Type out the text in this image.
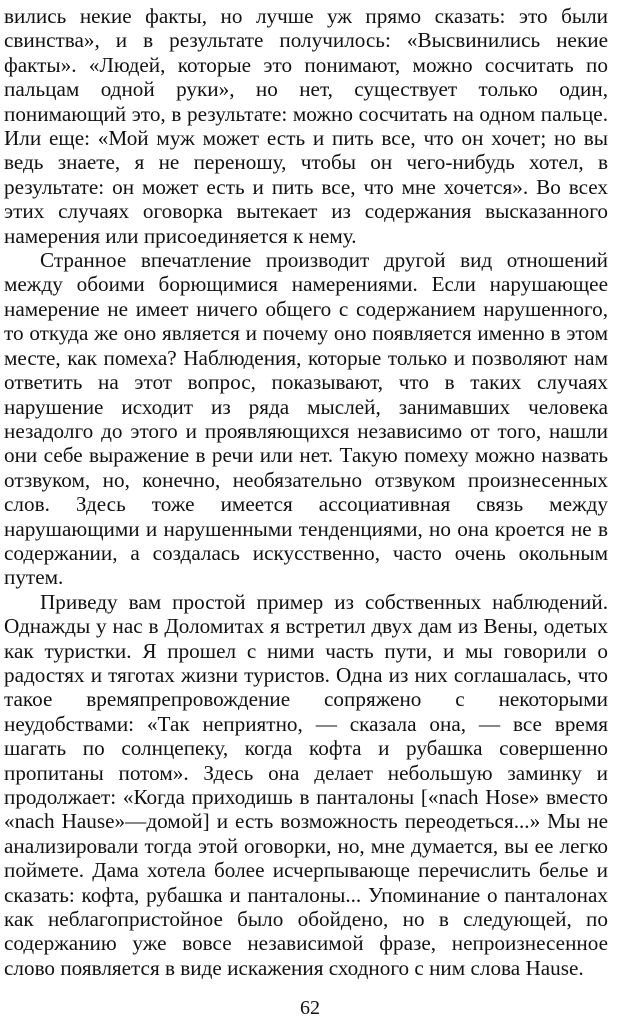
вились некие факты, но лучше уж прямо сказать: это были свинства», и в результате получилось: «Высвинились некие факты». «Людей, которые это понимают, можно сосчитать по пальцам одной руки», но нет, существует только один, понимающий это, в результате: можно сосчитать на одном пальце. Или еще: «Мой муж может есть и пить все, что он хочет; но вы ведь знаете, я не переношу, чтобы он чего-нибудь хотел, в результате: он может есть и пить все, что мне хочется». Во всех этих случаях оговорка вытекает из содержания высказанного намерения или присоединяется к нему.

Странное впечатление производит другой вид отношений между обоими борющимися намерениями. Если нарушающее намерение не имеет ничего общего с содержанием нарушенного, то откуда же оно является и почему оно появляется именно в этом месте, как помеха? Наблюдения, которые только и позволяют нам ответить на этот вопрос, показывают, что в таких случаях нарушение исходит из ряда мыслей, занимавших человека незадолго до этого и проявляющихся независимо от того, нашли они себе выражение в речи или нет. Такую помеху можно назвать отзвуком, но, конечно, необязательно отзвуком произнесенных слов. Здесь тоже имеется ассоциативная связь между нарушающими и нарушенными тенденциями, но она кроется не в содержании, а создалась искусственно, часто очень окольным путем.

Приведу вам простой пример из собственных наблюдений. Однажды у нас в Доломитах я встретил двух дам из Вены, одетых как туристки. Я прошел с ними часть пути, и мы говорили о радостях и тяготах жизни туристов. Одна из них соглашалась, что такое времяпрепровождение сопряжено с некоторыми неудобствами: «Так неприятно, — сказала она, — все время шагать по солнцепеку, когда кофта и рубашка совершенно пропитаны потом». Здесь она делает небольшую заминку и продолжает: «Когда приходишь в панталоны [«nach Hose» вместо «nach Hause»—домой] и есть возможность переодеться...» Мы не анализировали тогда этой оговорки, но, мне думается, вы ее легко поймете. Дама хотела более исчерпывающе перечислить белье и сказать: кофта, рубашка и панталоны... Упоминание о панталонах как неблагопристойное было обойдено, но в следующей, по содержанию уже вовсе независимой фразе, непроизнесенное слово появляется в виде искажения сходного с ним слова Hause.

62
